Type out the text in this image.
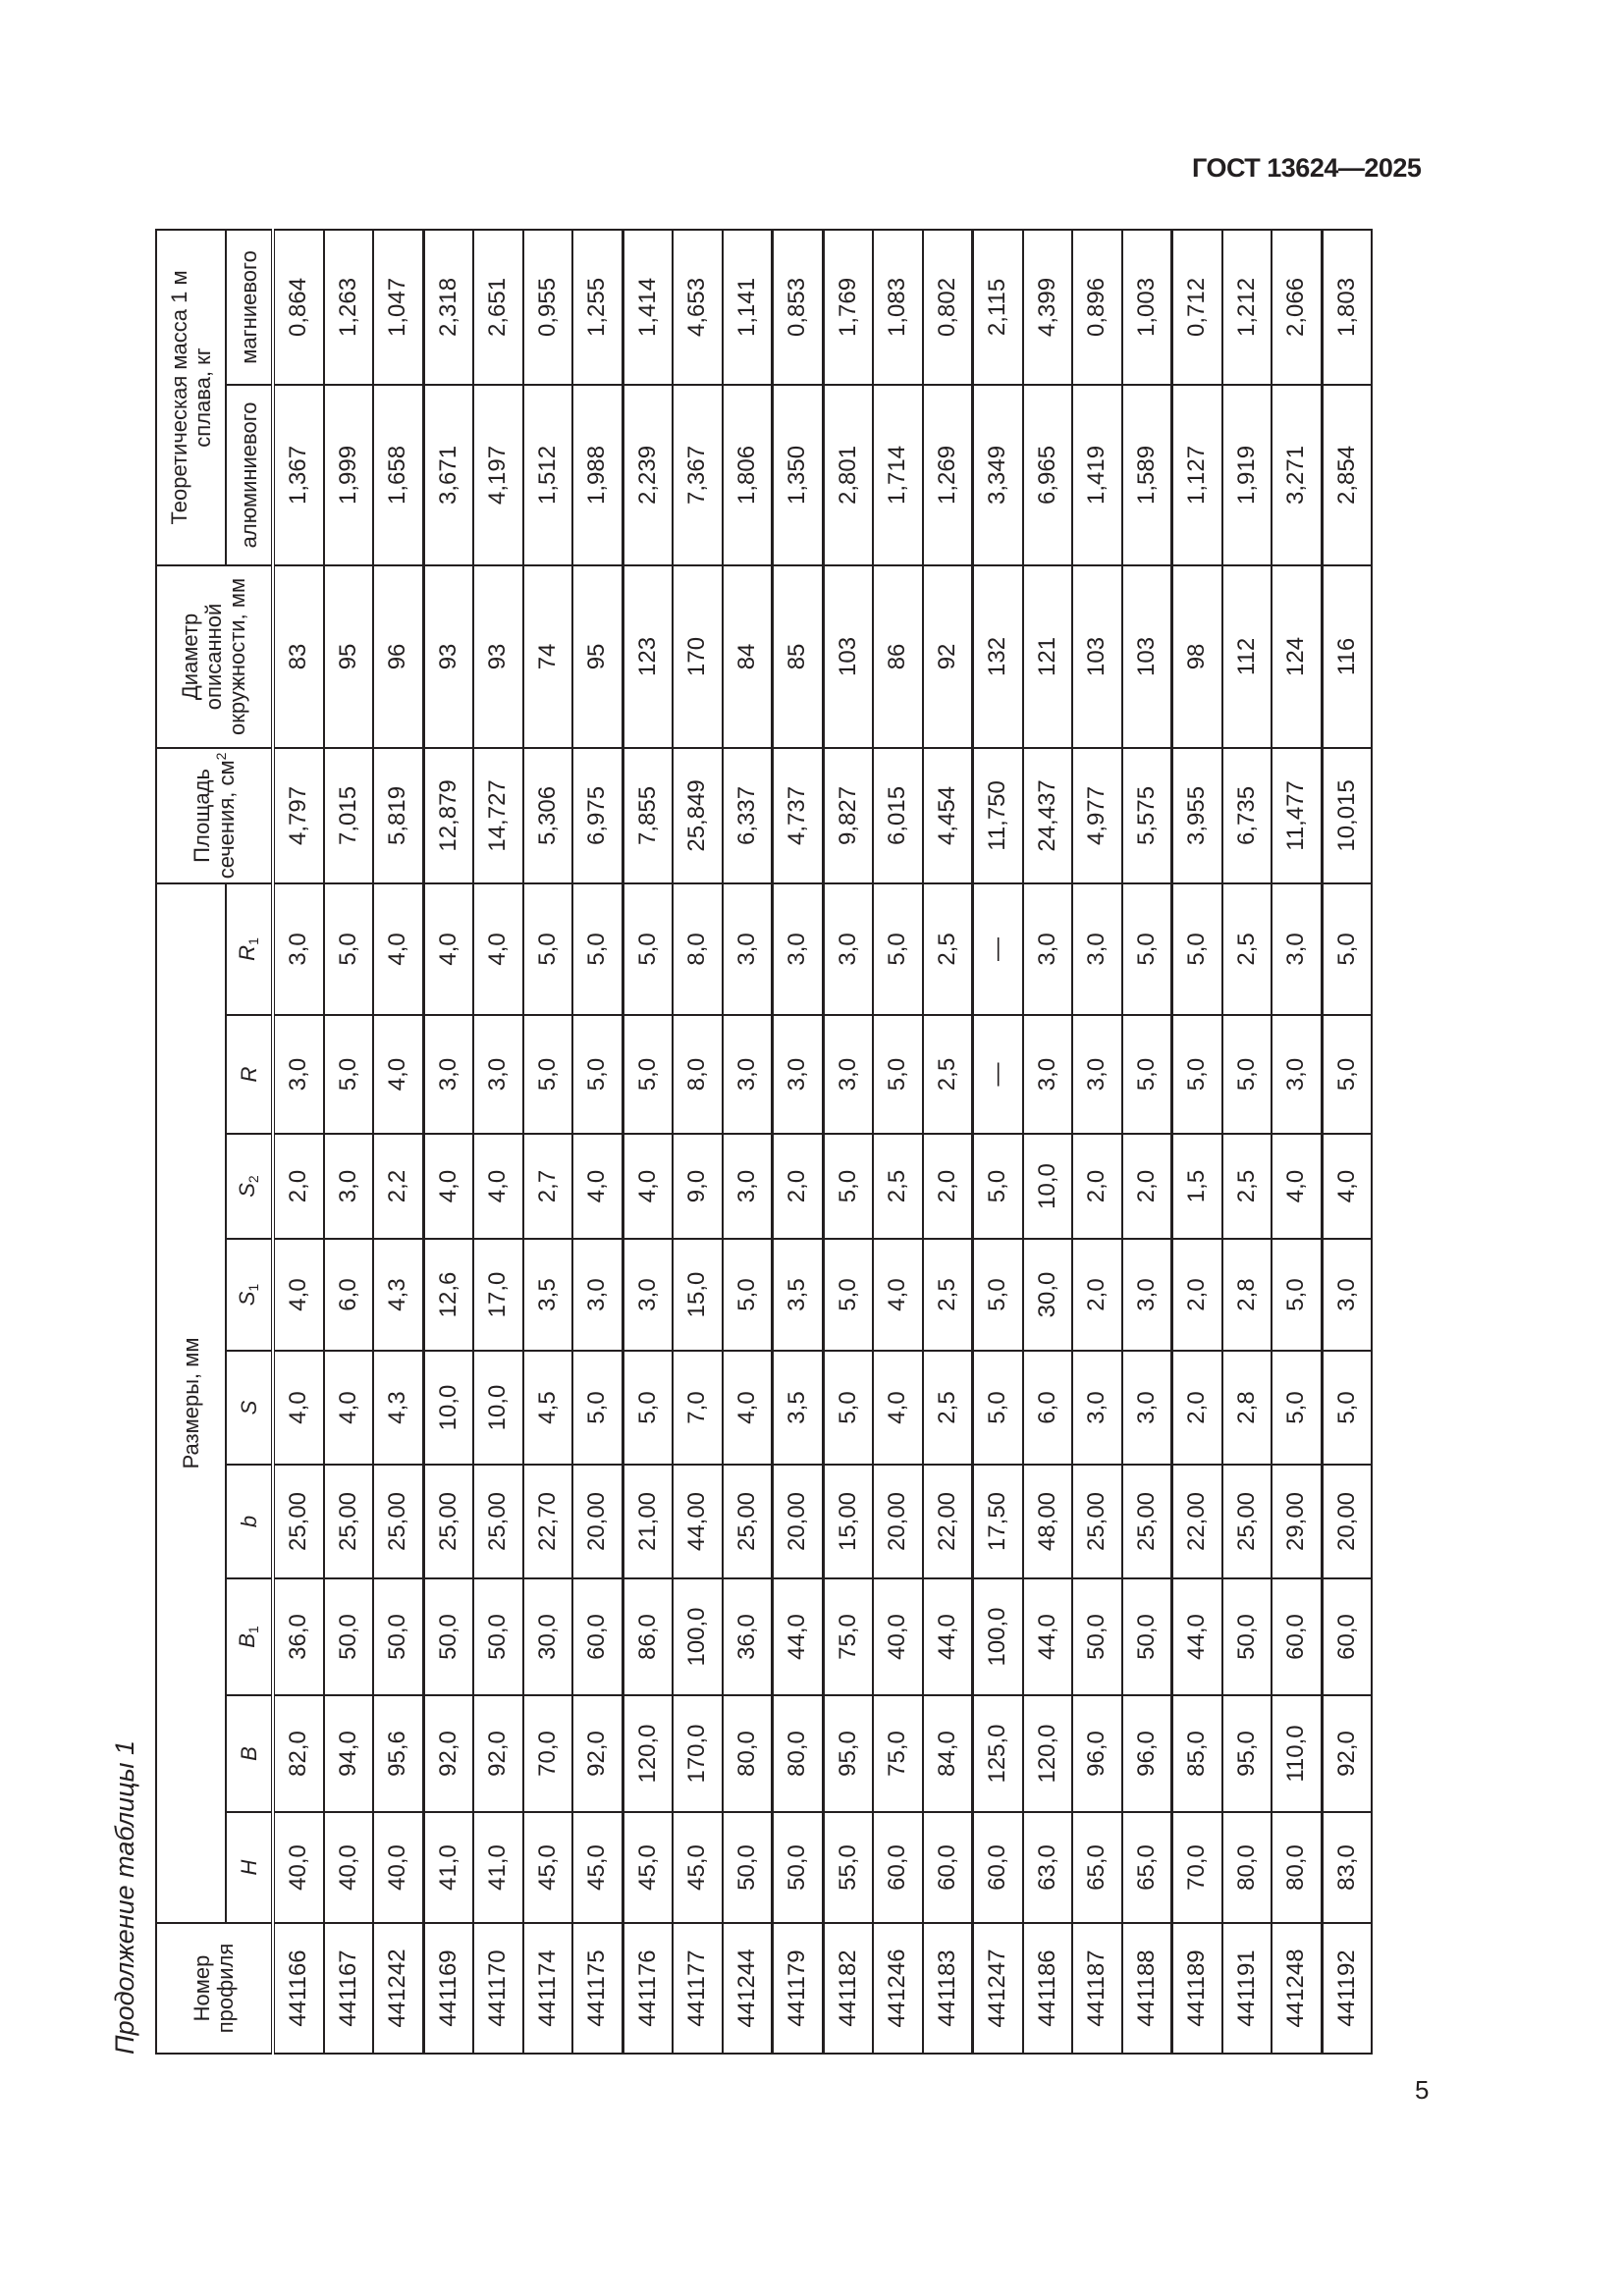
ГОСТ 13624—2025
Продолжение таблицы 1 Номер профиля	Размеры, мм									Площадь сечения, $см^2$	Диаметр описанной окружности, мм	Теоретическая масса 1 м сплава, кг	
	H	B	$B_1$	b	S	$S_1$	$S_2$	R	$R_1$			алюминиевого	магниевого
441166	40,0	82,0	36,0	25,00	4,0	4,0	2,0	3,0	3,0	4,797	83	1,367	0,864
441167	40,0	94,0	50,0	25,00	4,0	6,0	3,0	5,0	5,0	7,015	95	1,999	1,263
441242	40,0	95,6	50,0	25,00	4,3	4,3	2,2	4,0	4,0	5,819	96	1,658	1,047
441169	41,0	92,0	50,0	25,00	10,0	12,6	4,0	3,0	4,0	12,879	93	3,671	2,318
441170	41,0	92,0	50,0	25,00	10,0	17,0	4,0	3,0	4,0	14,727	93	4,197	2,651
441174	45,0	70,0	30,0	22,70	4,5	3,5	2,7	5,0	5,0	5,306	74	1,512	0,955
441175	45,0	92,0	60,0	20,00	5,0	3,0	4,0	5,0	5,0	6,975	95	1,988	1,255
441176	45,0	120,0	86,0	21,00	5,0	3,0	4,0	5,0	5,0	7,855	123	2,239	1,414
441177	45,0	170,0	100,0	44,00	7,0	15,0	9,0	8,0	8,0	25,849	170	7,367	4,653
441244	50,0	80,0	36,0	25,00	4,0	5,0	3,0	3,0	3,0	6,337	84	1,806	1,141
441179	50,0	80,0	44,0	20,00	3,5	3,5	2,0	3,0	3,0	4,737	85	1,350	0,853
441182	55,0	95,0	75,0	15,00	5,0	5,0	5,0	3,0	3,0	9,827	103	2,801	1,769
441246	60,0	75,0	40,0	20,00	4,0	4,0	2,5	5,0	5,0	6,015	86	1,714	1,083
441183	60,0	84,0	44,0	22,00	2,5	2,5	2,0	2,5	2,5	4,454	92	1,269	0,802
441247	60,0	125,0	100,0	17,50	5,0	5,0	5,0	—	—	11,750	132	3,349	2,115
441186	63,0	120,0	44,0	48,00	6,0	30,0	10,0	3,0	3,0	24,437	121	6,965	4,399
441187	65,0	96,0	50,0	25,00	3,0	2,0	2,0	3,0	3,0	4,977	103	1,419	0,896
441188	65,0	96,0	50,0	25,00	3,0	3,0	2,0	5,0	5,0	5,575	103	1,589	1,003
441189	70,0	85,0	44,0	22,00	2,0	2,0	1,5	5,0	5,0	3,955	98	1,127	0,712
441191	80,0	95,0	50,0	25,00	2,8	2,8	2,5	5,0	2,5	6,735	112	1,919	1,212
441248	80,0	110,0	60,0	29,00	5,0	5,0	4,0	3,0	3,0	11,477	124	3,271	2,066
441192	83,0	92,0	60,0	20,00	5,0	3,0	4,0	5,0	5,0	10,015	116	2,854	1,803
5
